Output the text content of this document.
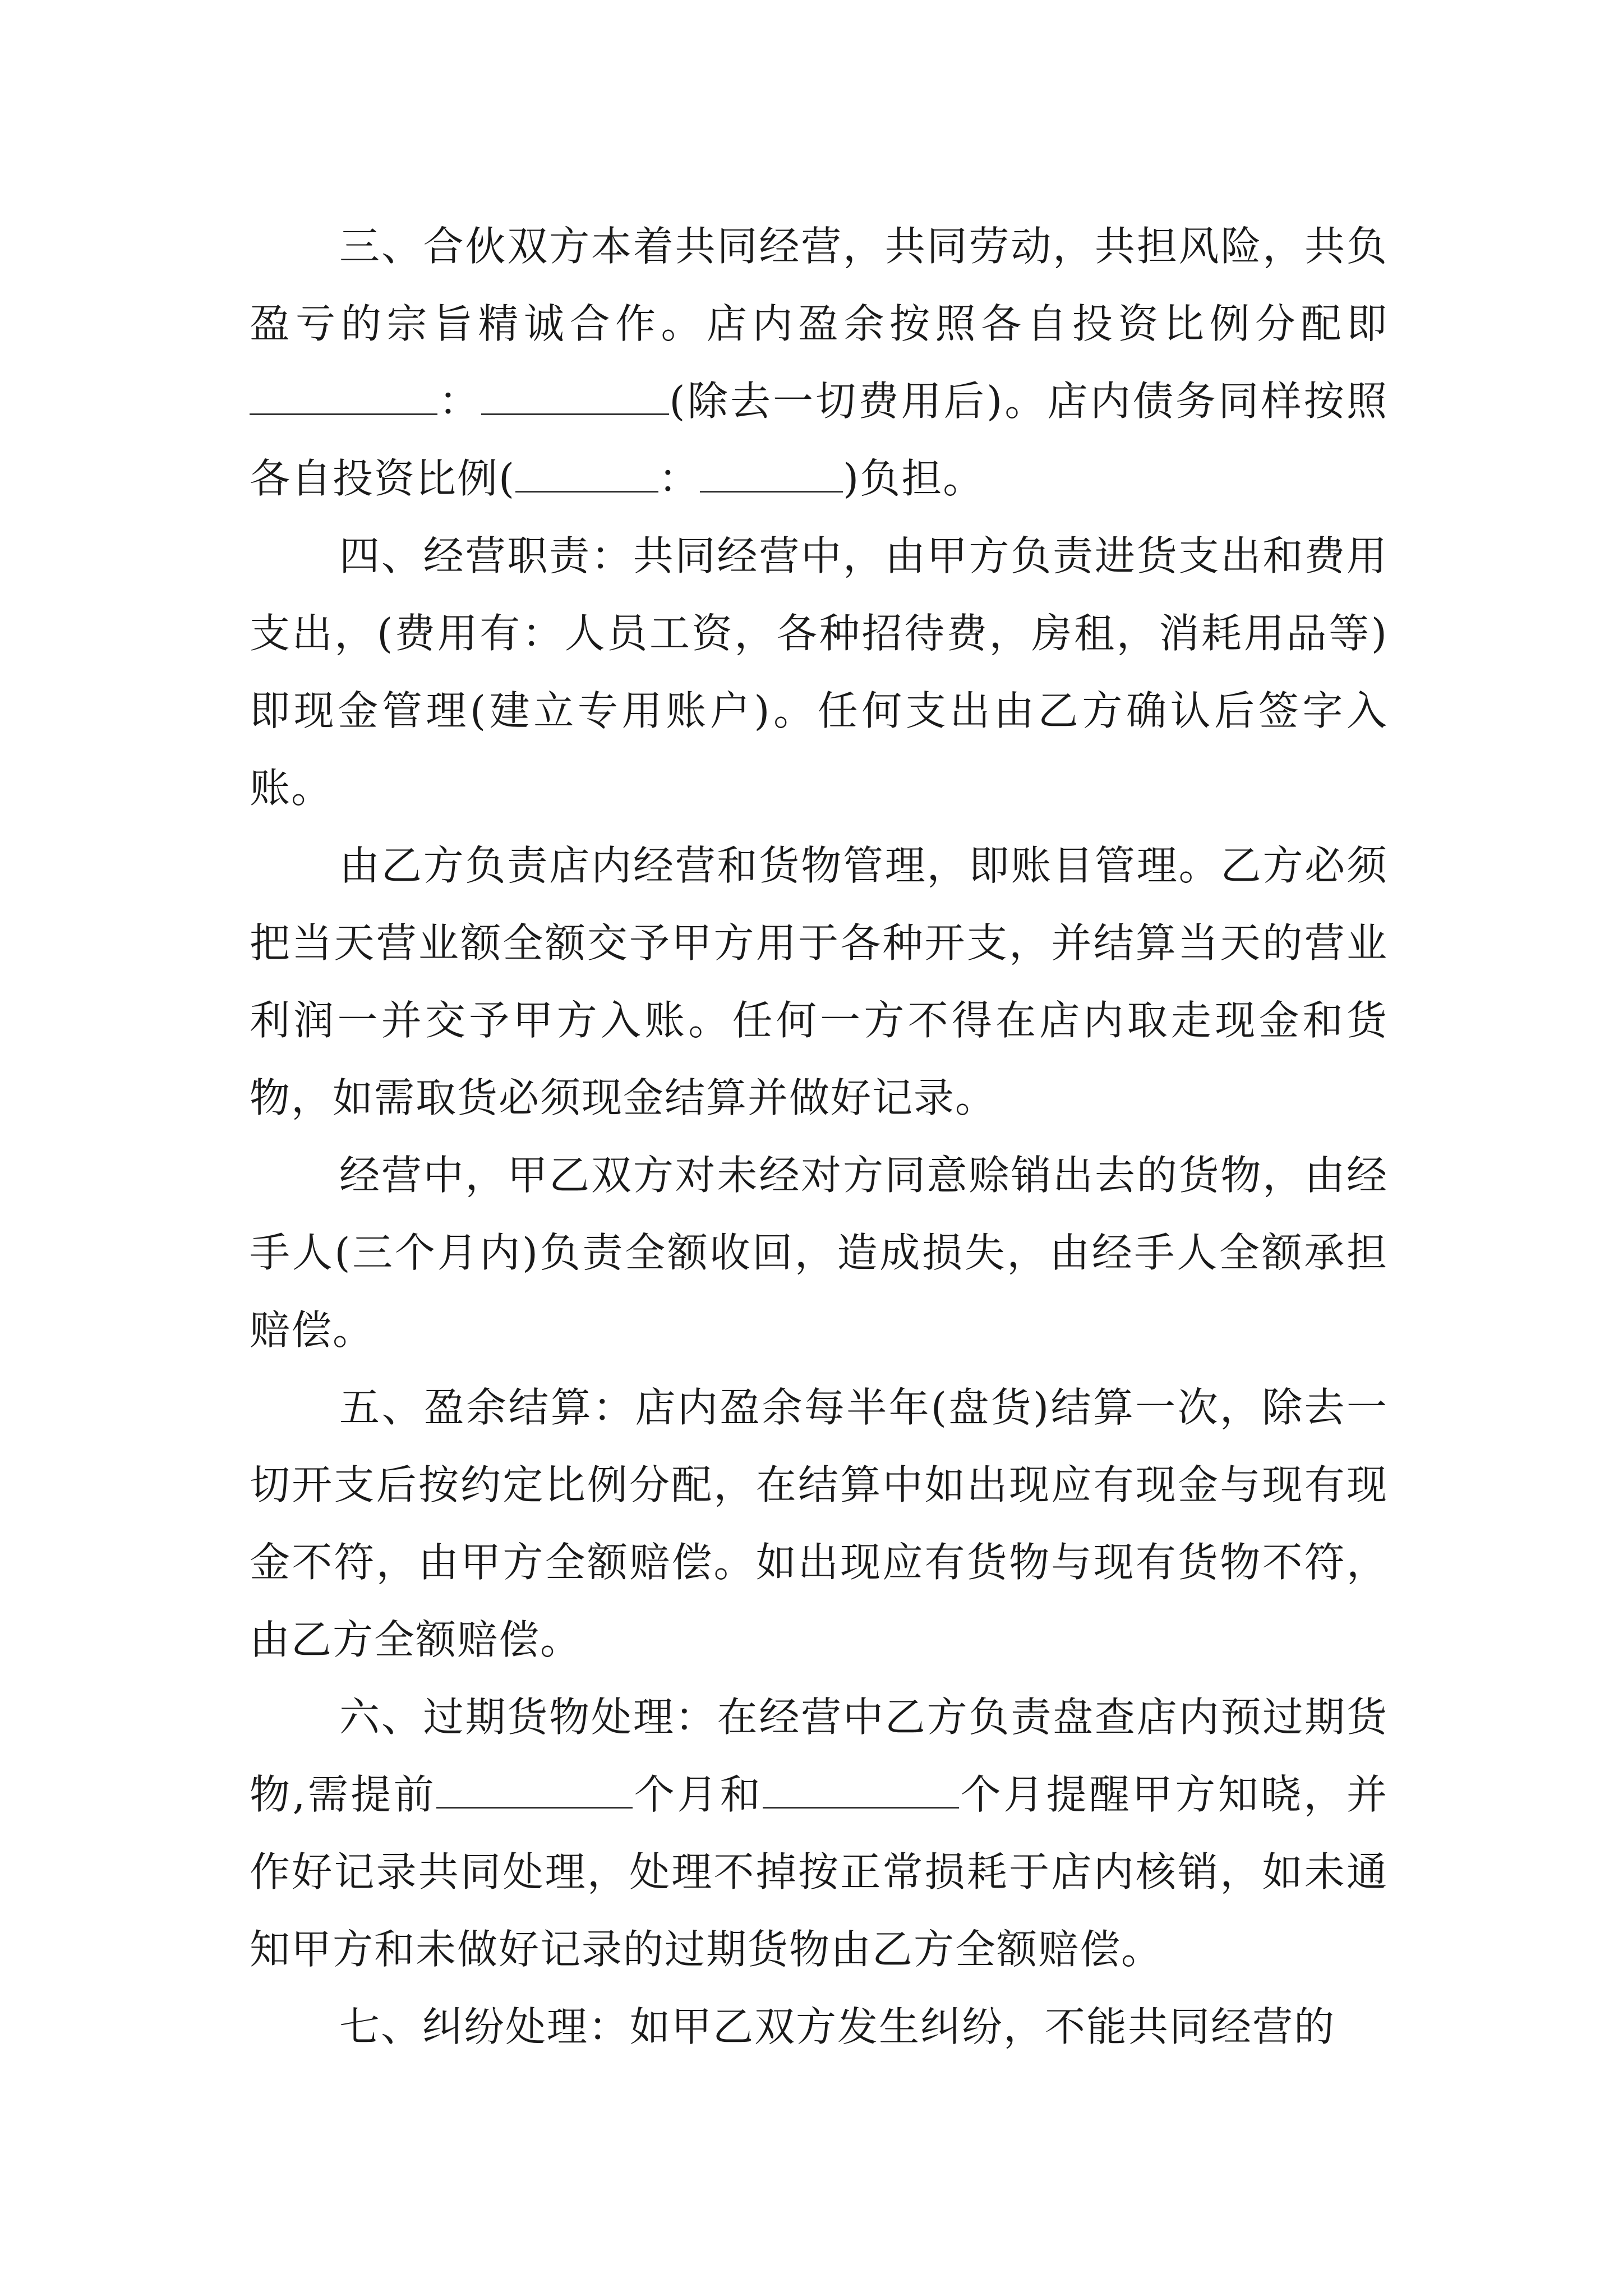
三、合伙双方本着共同经营，共同劳动，共担风险，共负盈亏的宗旨精诚合作。店内盈余按照各自投资比例分配即：	(除去一切费用后)。店内债务同样按照各自投资比例(	：	)负担。

四、经营职责：共同经营中，由甲方负责进货支出和费用支出，(费用有：人员工资，各种招待费，房租，消耗用品等)即现金管理(建立专用账户)。任何支出由乙方确认后签字入账。

由乙方负责店内经营和货物管理，即账目管理。乙方必须把当天营业额全额交予甲方用于各种开支，并结算当天的营业利润一并交予甲方入账。任何一方不得在店内取走现金和货物，如需取货必须现金结算并做好记录。

经营中，甲乙双方对未经对方同意赊销出去的货物，由经手人(三个月内)负责全额收回，造成损失，由经手人全额承担赔偿。

五、盈余结算：店内盈余每半年(盘货)结算一次，除去一切开支后按约定比例分配，在结算中如出现应有现金与现有现金不符，由甲方全额赔偿。如出现应有货物与现有货物不符，由乙方全额赔偿。

六、过期货物处理：在经营中乙方负责盘查店内预过期货物,需提前	个月和	个月提醒甲方知晓，并作好记录共同处理，处理不掉按正常损耗于店内核销，如未通知甲方和未做好记录的过期货物由乙方全额赔偿。

七、纠纷处理：如甲乙双方发生纠纷，不能共同经营的
